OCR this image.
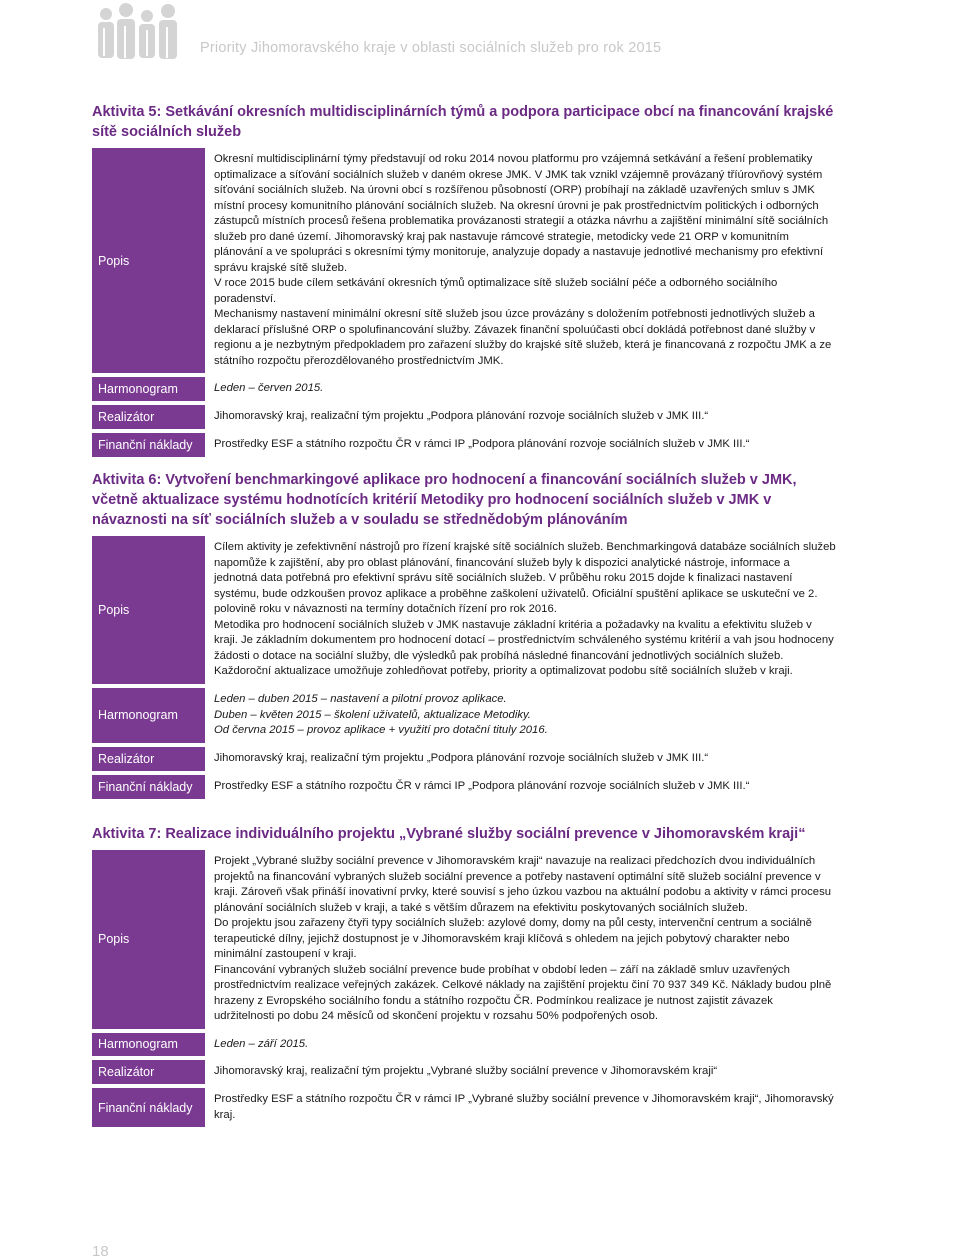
Priority Jihomoravského kraje v oblasti sociálních služeb pro rok 2015
Aktivita 5: Setkávání okresních multidisciplinárních týmů a podpora participace obcí na financování krajské sítě sociálních služeb
Popis	Okresní multidisciplinární týmy představují od roku 2014 novou platformu pro vzájemná setkávání a řešení problematiky optimalizace a síťování sociálních služeb v daném okrese JMK. V JMK tak vznikl vzájemně provázaný tříúrovňový systém síťování sociálních služeb. Na úrovni obcí s rozšířenou působností (ORP) probíhají na základě uzavřených smluv s JMK místní procesy komunitního plánování sociálních služeb. Na okresní úrovni je pak prostřednictvím politických i odborných zástupců místních procesů řešena problematika provázanosti strategií a otázka návrhu a zajištění minimální sítě sociálních služeb pro dané území. Jihomoravský kraj pak nastavuje rámcové strategie, metodicky vede 21 ORP v komunitním plánování a ve spolupráci s okresními týmy monitoruje, analyzuje dopady a nastavuje jednotlivé mechanismy pro efektivní správu krajské sítě služeb.

V roce 2015 bude cílem setkávání okresních týmů optimalizace sítě služeb sociální péče a odborného sociálního poradenství.

Mechanismy nastavení minimální okresní sítě služeb jsou úzce provázány s doložením potřebnosti jednotlivých služeb a deklarací příslušné ORP o spolufinancování služby. Závazek finanční spoluúčasti obcí dokládá potřebnost dané služby v regionu a je nezbytným předpokladem pro zařazení služby do krajské sítě služeb, která je financovaná z rozpočtu JMK a ze státního rozpočtu přerozdělovaného prostřednictvím JMK.

Harmonogram	Leden – červen 2015.
Realizátor	Jihomoravský kraj, realizační tým projektu „Podpora plánování rozvoje sociálních služeb v JMK III.“
Finanční náklady	Prostředky ESF a státního rozpočtu ČR v rámci IP „Podpora plánování rozvoje sociálních služeb v JMK III.“
Aktivita 6: Vytvoření benchmarkingové aplikace pro hodnocení a financování sociálních služeb v JMK, včetně aktualizace systému hodnotících kritérií Metodiky pro hodnocení sociálních služeb v JMK v návaznosti na síť sociálních služeb a v souladu se střednědobým plánováním
Popis	Cílem aktivity je zefektivnění nástrojů pro řízení krajské sítě sociálních služeb. Benchmarkingová databáze sociálních služeb napomůže k zajištění, aby pro oblast plánování, financování služeb byly k dispozici analytické nástroje, informace a jednotná data potřebná pro efektivní správu sítě sociálních služeb. V průběhu roku 2015 dojde k finalizaci nastavení systému, bude odzkoušen provoz aplikace a proběhne zaškolení uživatelů. Oficiální spuštění aplikace se uskuteční ve 2. polovině roku v návaznosti na termíny dotačních řízení pro rok 2016.

Metodika pro hodnocení sociálních služeb v JMK nastavuje základní kritéria a požadavky na kvalitu a efektivitu služeb v kraji. Je základním dokumentem pro hodnocení dotací – prostřednictvím schváleného systému kritérií a vah jsou hodnoceny žádosti o dotace na sociální služby, dle výsledků pak probíhá následné financování jednotlivých sociálních služeb. Každoroční aktualizace umožňuje zohledňovat potřeby, priority a optimalizovat podobu sítě sociálních služeb v kraji.

Harmonogram	Leden – duben 2015 – nastavení a pilotní provoz aplikace.

Duben – květen 2015 – školení uživatelů, aktualizace Metodiky.

Od června 2015 – provoz aplikace + využití pro dotační tituly 2016.

Realizátor	Jihomoravský kraj, realizační tým projektu „Podpora plánování rozvoje sociálních služeb v JMK III.“
Finanční náklady	Prostředky ESF a státního rozpočtu ČR v rámci IP „Podpora plánování rozvoje sociálních služeb v JMK III.“
Aktivita 7: Realizace individuálního projektu „Vybrané služby sociální prevence v Jihomoravském kraji“
Popis	Projekt „Vybrané služby sociální prevence v Jihomoravském kraji“ navazuje na realizaci předchozích dvou individuálních projektů na financování vybraných služeb sociální prevence a potřeby nastavení optimální sítě služeb sociální prevence v kraji. Zároveň však přináší inovativní prvky, které souvisí s jeho úzkou vazbou na aktuální podobu a aktivity v rámci procesu plánování sociálních služeb v kraji, a také s větším důrazem na efektivitu poskytovaných sociálních služeb.

Do projektu jsou zařazeny čtyři typy sociálních služeb: azylové domy, domy na půl cesty, intervenční centrum a sociálně terapeutické dílny, jejichž dostupnost je v Jihomoravském kraji klíčová s ohledem na jejich pobytový charakter nebo minimální zastoupení v kraji.

Financování vybraných služeb sociální prevence bude probíhat v období leden – září na základě smluv uzavřených prostřednictvím realizace veřejných zakázek. Celkové náklady na zajištění projektu činí 70 937 349 Kč. Náklady budou plně hrazeny z Evropského sociálního fondu a státního rozpočtu ČR. Podmínkou realizace je nutnost zajistit závazek udržitelnosti po dobu 24 měsíců od skončení projektu v rozsahu 50% podpořených osob.

Harmonogram	Leden – září 2015.
Realizátor	Jihomoravský kraj, realizační tým projektu „Vybrané služby sociální prevence v Jihomoravském kraji“
Finanční náklady	Prostředky ESF a státního rozpočtu ČR v rámci IP „Vybrané služby sociální prevence v Jihomoravském kraji“, Jihomoravský kraj.
18
